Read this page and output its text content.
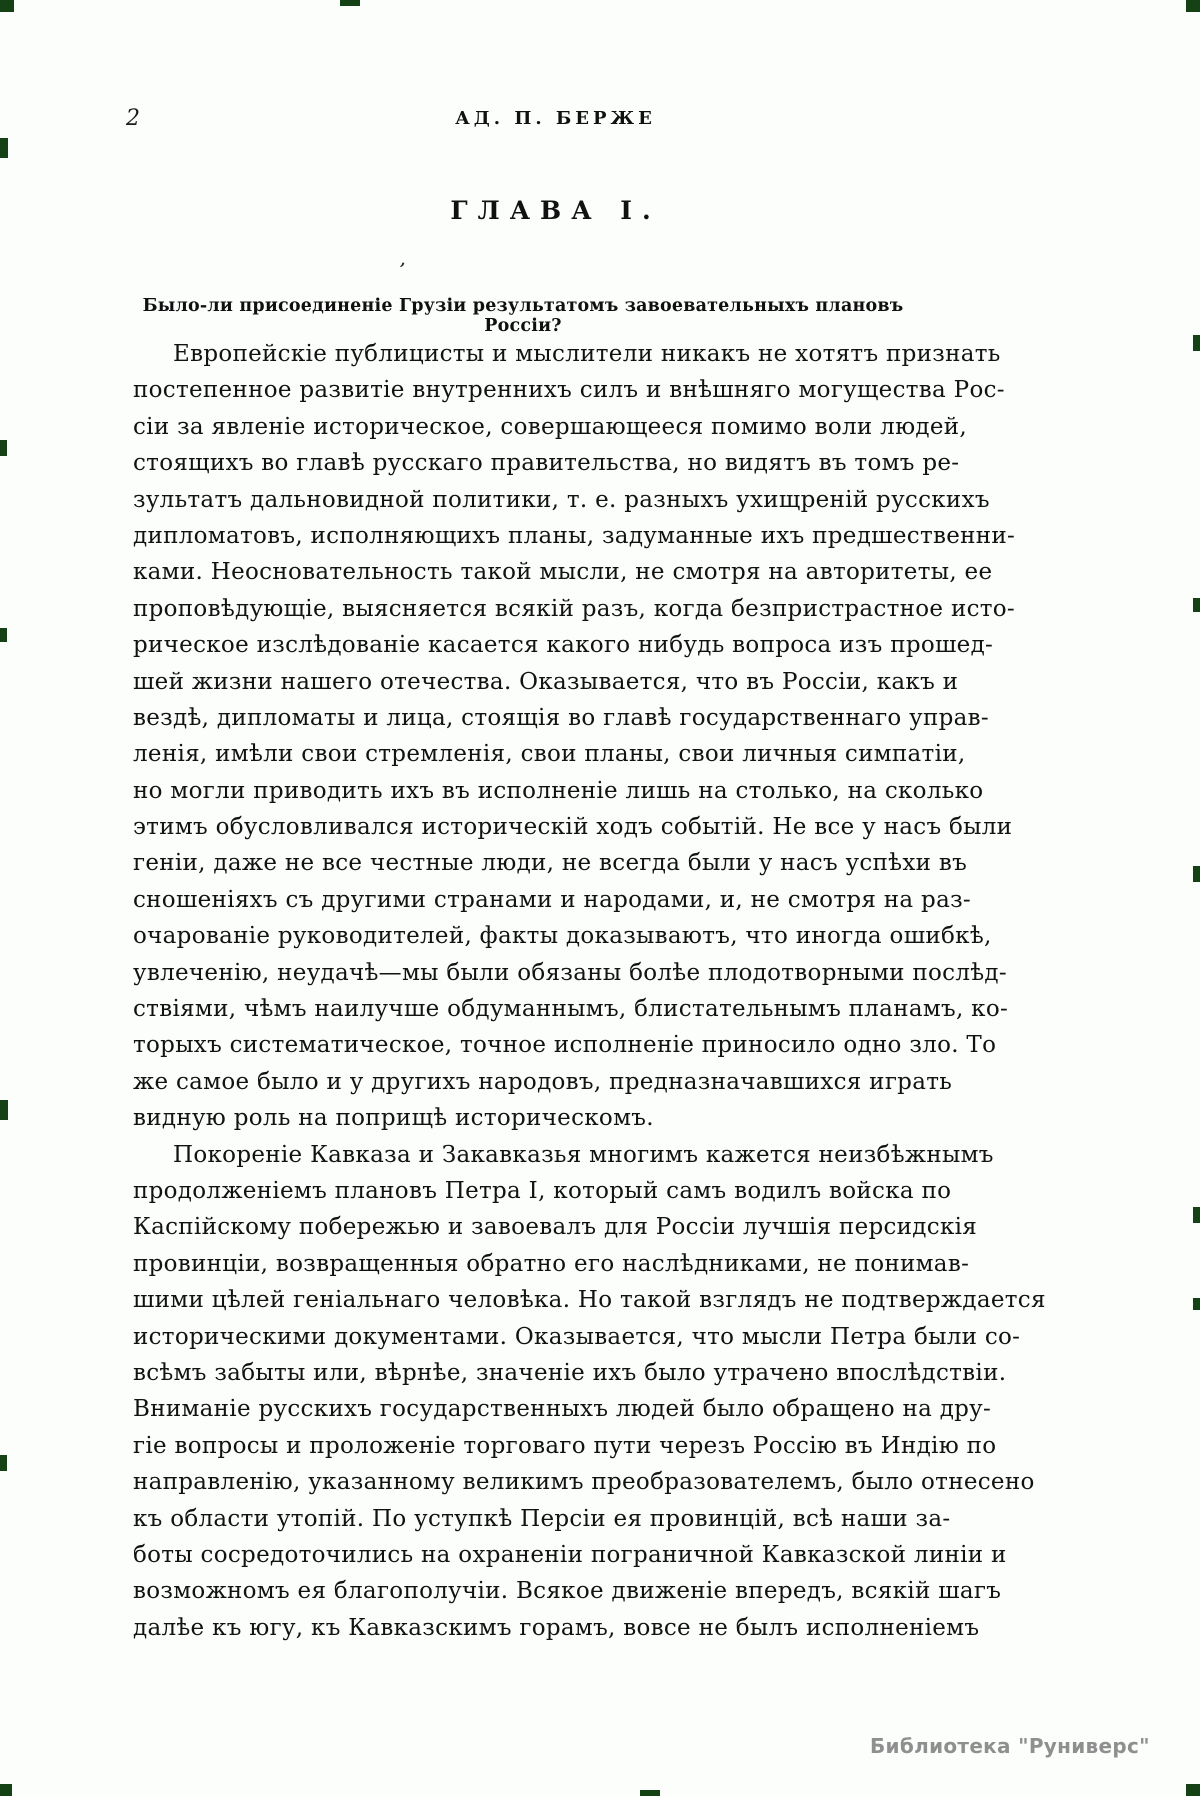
2	АД. П. БЕРЖЕ
ГЛАВА I.
’
Было-ли присоединеніе Грузіи результатомъ завоевательныхъ плановъ Россіи?
Европейскіе публицисты и мыслители никакъ не хотятъ признать
постепенное развитіе внутреннихъ силъ и внѣшняго могущества Рос-
сіи за явленіе историческое, совершающееся помимо воли людей,
стоящихъ во главѣ русскаго правительства, но видятъ въ томъ ре-
зультатъ дальновидной политики, т. е. разныхъ ухищреній русскихъ
дипломатовъ, исполняющихъ планы, задуманные ихъ предшественни-
ками. Неосновательность такой мысли, не смотря на авторитеты, ее
проповѣдующіе, выясняется всякій разъ, когда безпристрастное исто-
рическое изслѣдованіе касается какого нибудь вопроса изъ прошед-
шей жизни нашего отечества. Оказывается, что въ Россіи, какъ и
вездѣ, дипломаты и лица, стоящія во главѣ государственнаго управ-
ленія, имѣли свои стремленія, свои планы, свои личныя симпатіи,
но могли приводить ихъ въ исполненіе лишь на столько, на сколько
этимъ обусловливался историческій ходъ событій. Не все у насъ были
геніи, даже не все честные люди, не всегда были у насъ успѣхи въ
сношеніяхъ съ другими странами и народами, и, не смотря на раз-
очарованіе руководителей, факты доказываютъ, что иногда ошибкѣ,
увлеченію, неудачѣ—мы были обязаны болѣе плодотворными послѣд-
ствіями, чѣмъ наилучше обдуманнымъ, блистательнымъ планамъ, ко-
торыхъ систематическое, точное исполненіе приносило одно зло. То
же самое было и у другихъ народовъ, предназначавшихся играть
видную роль на поприщѣ историческомъ.
Покореніе Кавказа и Закавказья многимъ кажется неизбѣжнымъ
продолженіемъ плановъ Петра I, который самъ водилъ войска по
Каспійскому побережью и завоевалъ для Россіи лучшія персидскія
провинціи, возвращенныя обратно его наслѣдниками, не понимав-
шими цѣлей геніальнаго человѣка. Но такой взглядъ не подтверждается
историческими документами. Оказывается, что мысли Петра были со-
всѣмъ забыты или, вѣрнѣе, значеніе ихъ было утрачено впослѣдствіи.
Вниманіе русскихъ государственныхъ людей было обращено на дру-
гіе вопросы и проложеніе торговаго пути черезъ Россію въ Индію по
направленію, указанному великимъ преобразователемъ, было отнесено
къ области утопій. По уступкѣ Персіи ея провинцій, всѣ наши за-
боты сосредоточились на охраненіи пограничной Кавказской линіи и
возможномъ ея благополучіи. Всякое движеніе впередъ, всякій шагъ
далѣе къ югу, къ Кавказскимъ горамъ, вовсе не былъ исполненіемъ
Библиотека "Руниверс"
